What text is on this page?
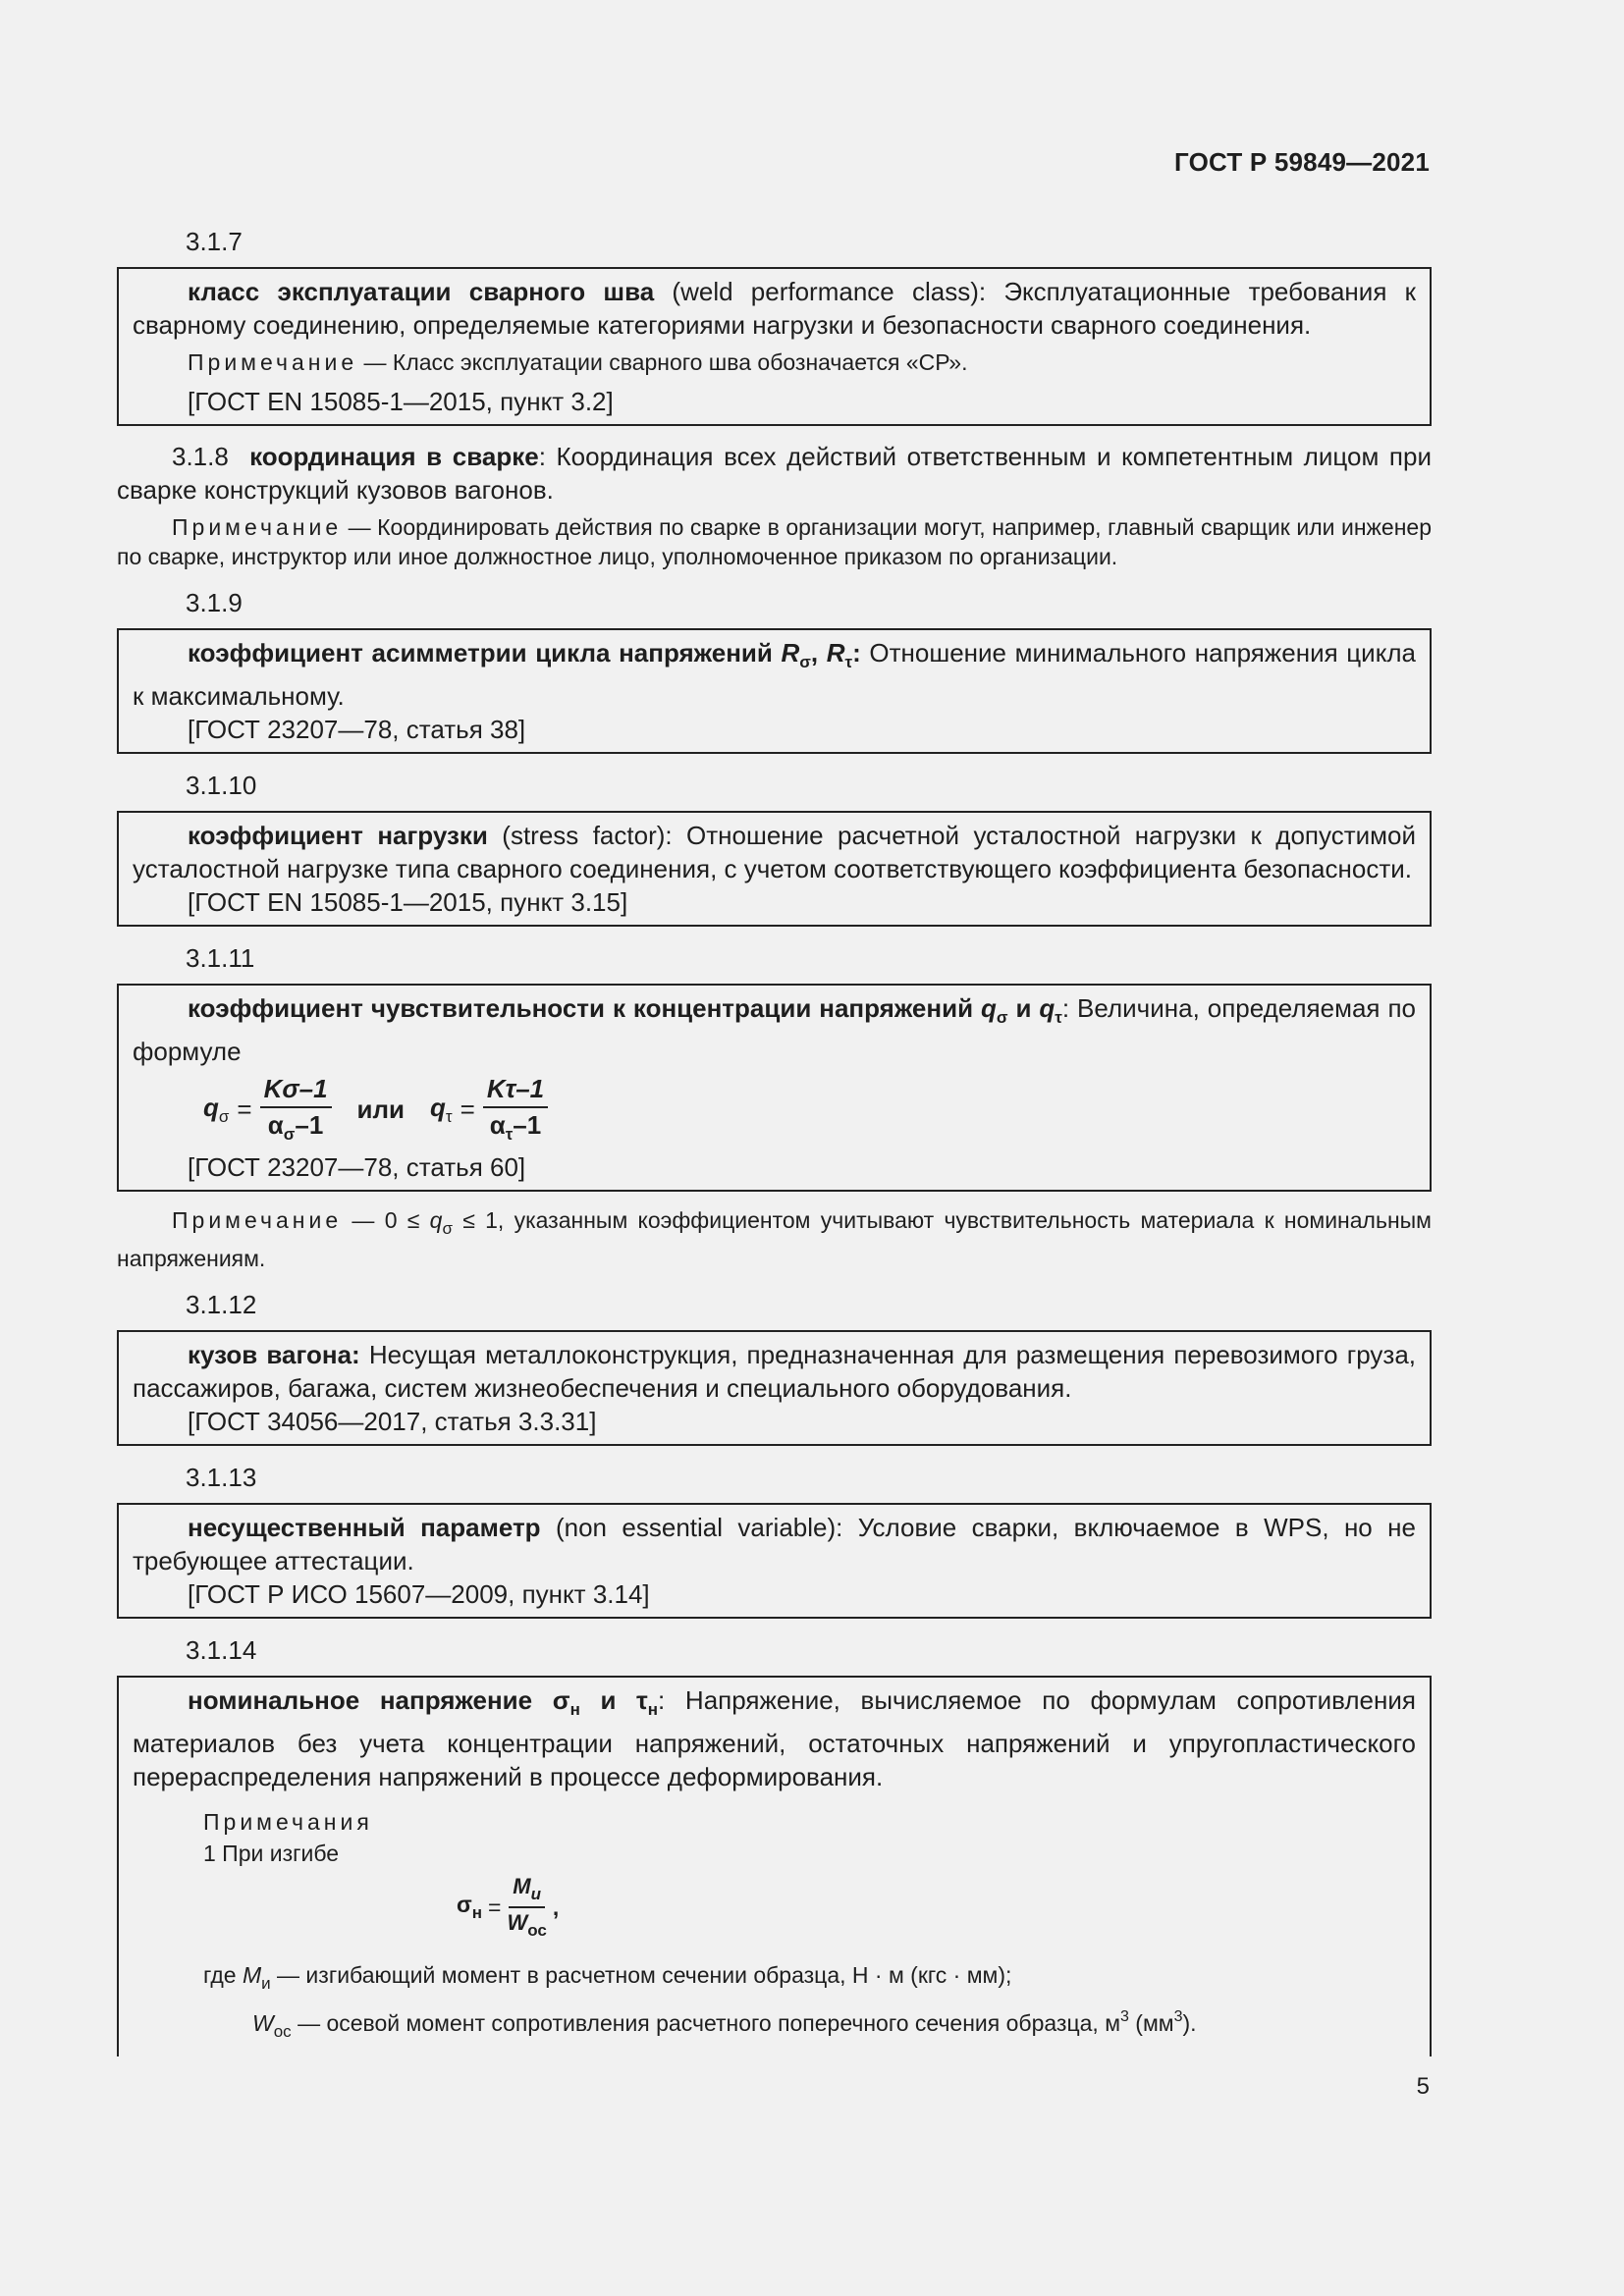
ГОСТ Р 59849—2021
3.1.7

класс эксплуатации сварного шва (weld performance class): Эксплуатационные требования к сварному соединению, определяемые категориями нагрузки и безопасности сварного соединения.

Примечание — Класс эксплуатации сварного шва обозначается «СР».

[ГОСТ EN 15085-1—2015, пункт 3.2]

3.1.8 координация в сварке: Координация всех действий ответственным и компетентным лицом при сварке конструкций кузовов вагонов.

Примечание — Координировать действия по сварке в организации могут, например, главный сварщик или инженер по сварке, инструктор или иное должностное лицо, уполномоченное приказом по организации.

3.1.9

коэффициент асимметрии цикла напряжений $R_\sigma$, $R_\tau$: Отношение минимального напряжения цикла к максимальному.

[ГОСТ 23207—78, статья 38]
3.1.10

коэффициент нагрузки (stress factor): Отношение расчетной усталостной нагрузки к допустимой усталостной нагрузке типа сварного соединения, с учетом соответствующего коэффициента безопасности.

[ГОСТ EN 15085-1—2015, пункт 3.15]
3.1.11

коэффициент чувствительности к концентрации напряжений $q_\sigma$ и $q_\tau$: Величина, определяемая по формуле

$q_\sigma = \frac{K\sigma-1}{\alpha_\sigma-1}$ или $q_\tau = \frac{K\tau-1}{\alpha_\tau-1}$
[ГОСТ 23207—78, статья 60]

Примечание — $0 \le q_\sigma \le 1$, указанным коэффициентом учитывают чувствительность материала к номинальным напряжениям.

3.1.12

кузов вагона: Несущая металлоконструкция, предназначенная для размещения перевозимого груза, пассажиров, багажа, систем жизнеобеспечения и специального оборудования.

[ГОСТ 34056—2017, статья 3.3.31]
3.1.13

несущественный параметр (non essential variable): Условие сварки, включаемое в WPS, но не требующее аттестации.

[ГОСТ Р ИСО 15607—2009, пункт 3.14]
3.1.14

номинальное напряжение $\sigma_н$ и $\tau_н$: Напряжение, вычисляемое по формулам сопротивления материалов без учета концентрации напряжений, остаточных напряжений и упругопластического перераспределения напряжений в процессе деформирования.

Примечания
1 При изгибе
$\sigma_н = \frac{M_и}{W_{ос}}$ ,
где $M_и$ — изгибающий момент в расчетном сечении образца, Н · м (кгс · мм);
$W_{ос}$ — осевой момент сопротивления расчетного поперечного сечения образца, $м^3$ $(мм^3)$.
5
